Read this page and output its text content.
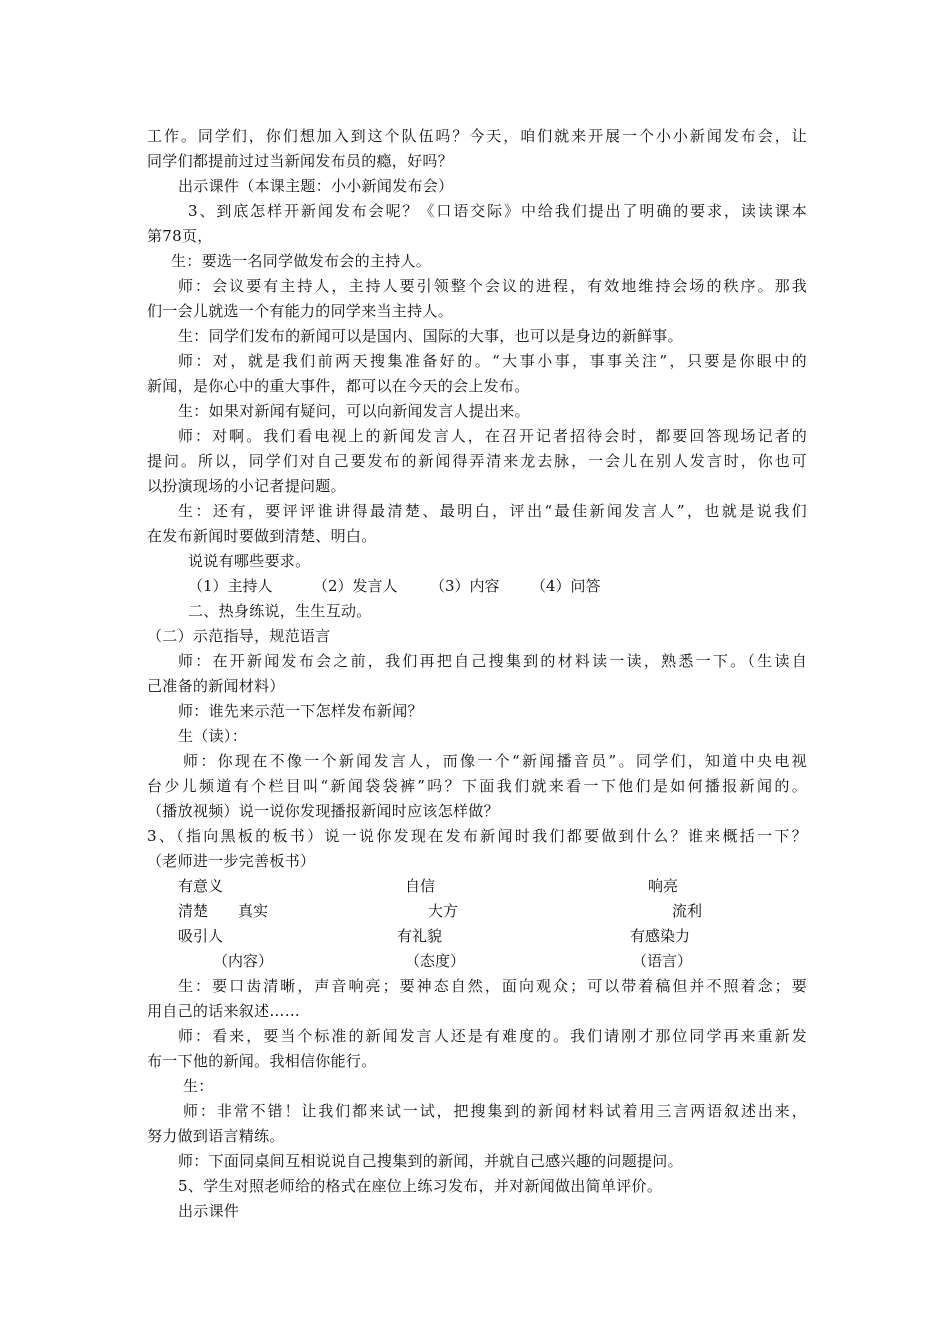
工作。同学们，你们想加入到这个队伍吗？今天，咱们就来开展一个小小新闻发布会，让
同学们都提前过过当新闻发布员的瘾，好吗？
出示课件（本课主题：小小新闻发布会）
3、到底怎样开新闻发布会呢？《口语交际》中给我们提出了明确的要求，读读课本
第78页，
生：要选一名同学做发布会的主持人。
师：会议要有主持人，主持人要引领整个会议的进程，有效地维持会场的秩序。那我
们一会儿就选一个有能力的同学来当主持人。
生：同学们发布的新闻可以是国内、国际的大事，也可以是身边的新鲜事。
师：对，就是我们前两天搜集准备好的。“大事小事，事事关注”，只要是你眼中的
新闻，是你心中的重大事件，都可以在今天的会上发布。
生：如果对新闻有疑问，可以向新闻发言人提出来。
师：对啊。我们看电视上的新闻发言人，在召开记者招待会时，都要回答现场记者的
提问。所以，同学们对自己要发布的新闻得弄清来龙去脉，一会儿在别人发言时，你也可
以扮演现场的小记者提问题。
生：还有，要评评谁讲得最清楚、最明白，评出“最佳新闻发言人”，也就是说我们
在发布新闻时要做到清楚、明白。
说说有哪些要求。
（1）主持人	（2）发言人 （3）内容 （4）问答
二、热身练说，生生互动。
（二）示范指导，规范语言
师：在开新闻发布会之前，我们再把自己搜集到的材料读一读，熟悉一下。（生读自
己准备的新闻材料）
师：谁先来示范一下怎样发布新闻？
生（读）：
师：你现在不像一个新闻发言人，而像一个“新闻播音员”。同学们，知道中央电视
台少儿频道有个栏目叫“新闻袋袋裤”吗？下面我们就来看一下他们是如何播报新闻的。
（播放视频）说一说你发现播报新闻时应该怎样做？
3、（指向黑板的板书）说一说你发现在发布新闻时我们都要做到什么？谁来概括一下？
（老师进一步完善板书）
有意义	自信	响亮
清楚 真实	大方	流利
吸引人	有礼貌	有感染力
（内容）	（态度）	（语言）
生：要口齿清晰，声音响亮；要神态自然，面向观众；可以带着稿但并不照着念；要
用自己的话来叙述……
师：看来，要当个标准的新闻发言人还是有难度的。我们请刚才那位同学再来重新发
布一下他的新闻。我相信你能行。
生：
师：非常不错！让我们都来试一试，把搜集到的新闻材料试着用三言两语叙述出来，
努力做到语言精练。
师：下面同桌间互相说说自己搜集到的新闻，并就自己感兴趣的问题提问。
5、学生对照老师给的格式在座位上练习发布，并对新闻做出简单评价。
出示课件
